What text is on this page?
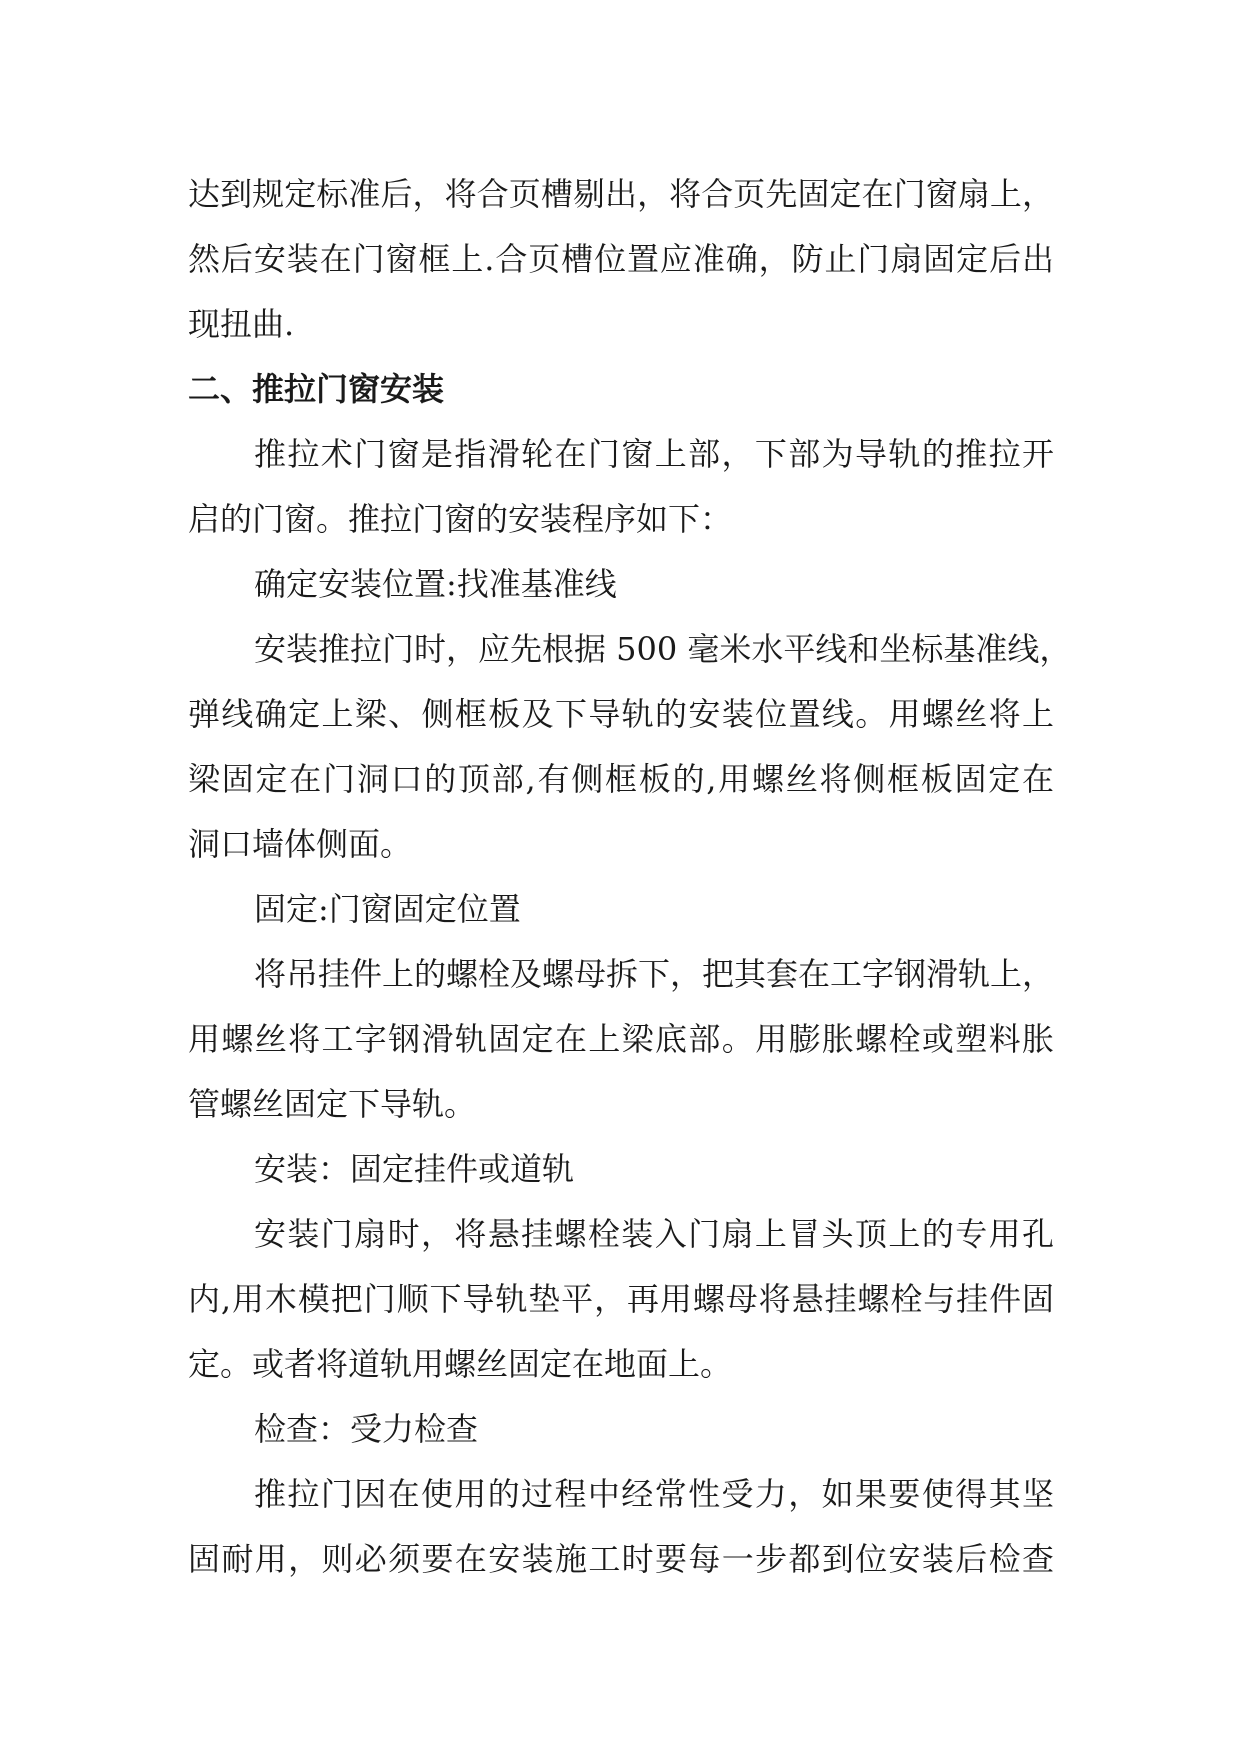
达到规定标准后，将合页槽剔出，将合页先固定在门窗扇上，
然后安装在门窗框上.合页槽位置应准确，防止门扇固定后出
现扭曲.
二、推拉门窗安装
推拉术门窗是指滑轮在门窗上部，下部为导轨的推拉开
启的门窗。推拉门窗的安装程序如下：
确定安装位置:找准基准线
安装推拉门时，应先根据 500 毫米水平线和坐标基准线，
弹线确定上梁、侧框板及下导轨的安装位置线。用螺丝将上
梁固定在门洞口的顶部,有侧框板的,用螺丝将侧框板固定在
洞口墙体侧面。
固定:门窗固定位置
将吊挂件上的螺栓及螺母拆下，把其套在工字钢滑轨上，
用螺丝将工字钢滑轨固定在上梁底部。用膨胀螺栓或塑料胀
管螺丝固定下导轨。
安装：固定挂件或道轨
安装门扇时，将悬挂螺栓装入门扇上冒头顶上的专用孔
内,用木模把门顺下导轨垫平，再用螺母将悬挂螺栓与挂件固
定。或者将道轨用螺丝固定在地面上。
检查：受力检查
推拉门因在使用的过程中经常性受力，如果要使得其坚
固耐用，则必须要在安装施工时要每一步都到位安装后检查
